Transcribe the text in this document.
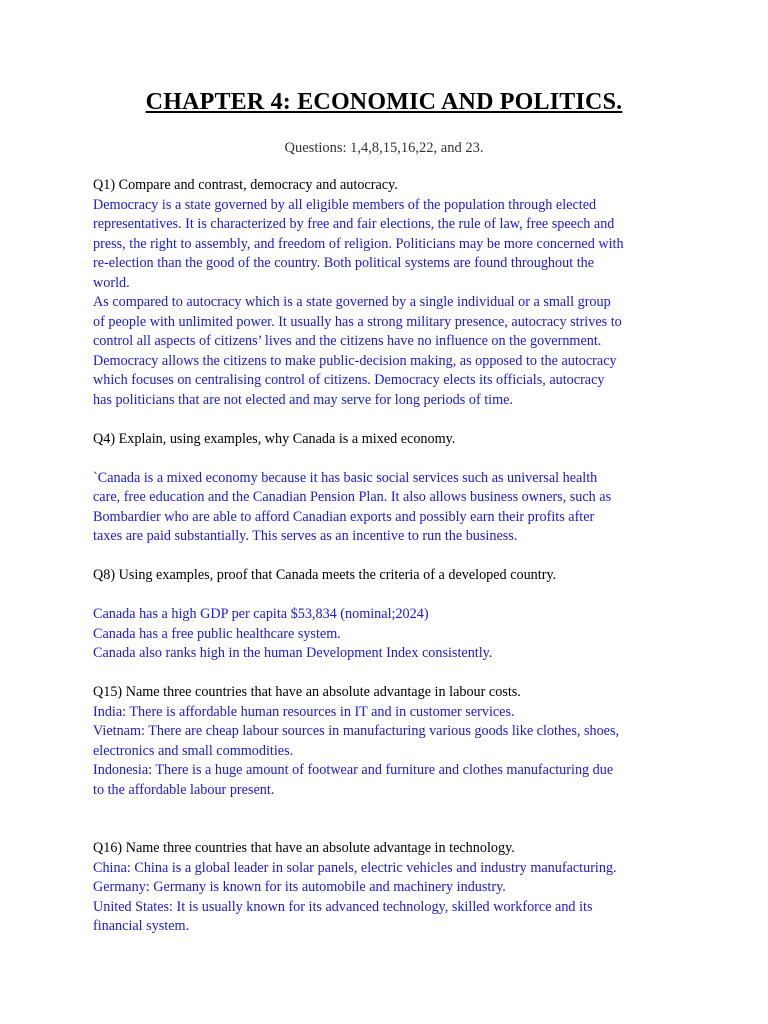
CHAPTER 4: ECONOMIC AND POLITICS.
Questions: 1,4,8,15,16,22, and 23.
Q1) Compare and contrast, democracy and autocracy.
Democracy is a state governed by all eligible members of the population through elected
representatives. It is characterized by free and fair elections, the rule of law, free speech and
press, the right to assembly, and freedom of religion. Politicians may be more concerned with
re-election than the good of the country. Both political systems are found throughout the
world.
As compared to autocracy which is a state governed by a single individual or a small group
of people with unlimited power. It usually has a strong military presence, autocracy strives to
control all aspects of citizens’ lives and the citizens have no influence on the government.
Democracy allows the citizens to make public-decision making, as opposed to the autocracy
which focuses on centralising control of citizens. Democracy elects its officials, autocracy
has politicians that are not elected and may serve for long periods of time.
Q4) Explain, using examples, why Canada is a mixed economy.
`Canada is a mixed economy because it has basic social services such as universal health
care, free education and the Canadian Pension Plan. It also allows business owners, such as
Bombardier who are able to afford Canadian exports and possibly earn their profits after
taxes are paid substantially. This serves as an incentive to run the business.
Q8) Using examples, proof that Canada meets the criteria of a developed country.
Canada has a high GDP per capita $53,834 (nominal;2024)
Canada has a free public healthcare system.
Canada also ranks high in the human Development Index consistently.
Q15) Name three countries that have an absolute advantage in labour costs.
India: There is affordable human resources in IT and in customer services.
Vietnam: There are cheap labour sources in manufacturing various goods like clothes, shoes,
electronics and small commodities.
Indonesia: There is a huge amount of footwear and furniture and clothes manufacturing due
to the affordable labour present.
Q16) Name three countries that have an absolute advantage in technology.
China: China is a global leader in solar panels, electric vehicles and industry manufacturing.
Germany: Germany is known for its automobile and machinery industry.
United States: It is usually known for its advanced technology, skilled workforce and its
financial system.
